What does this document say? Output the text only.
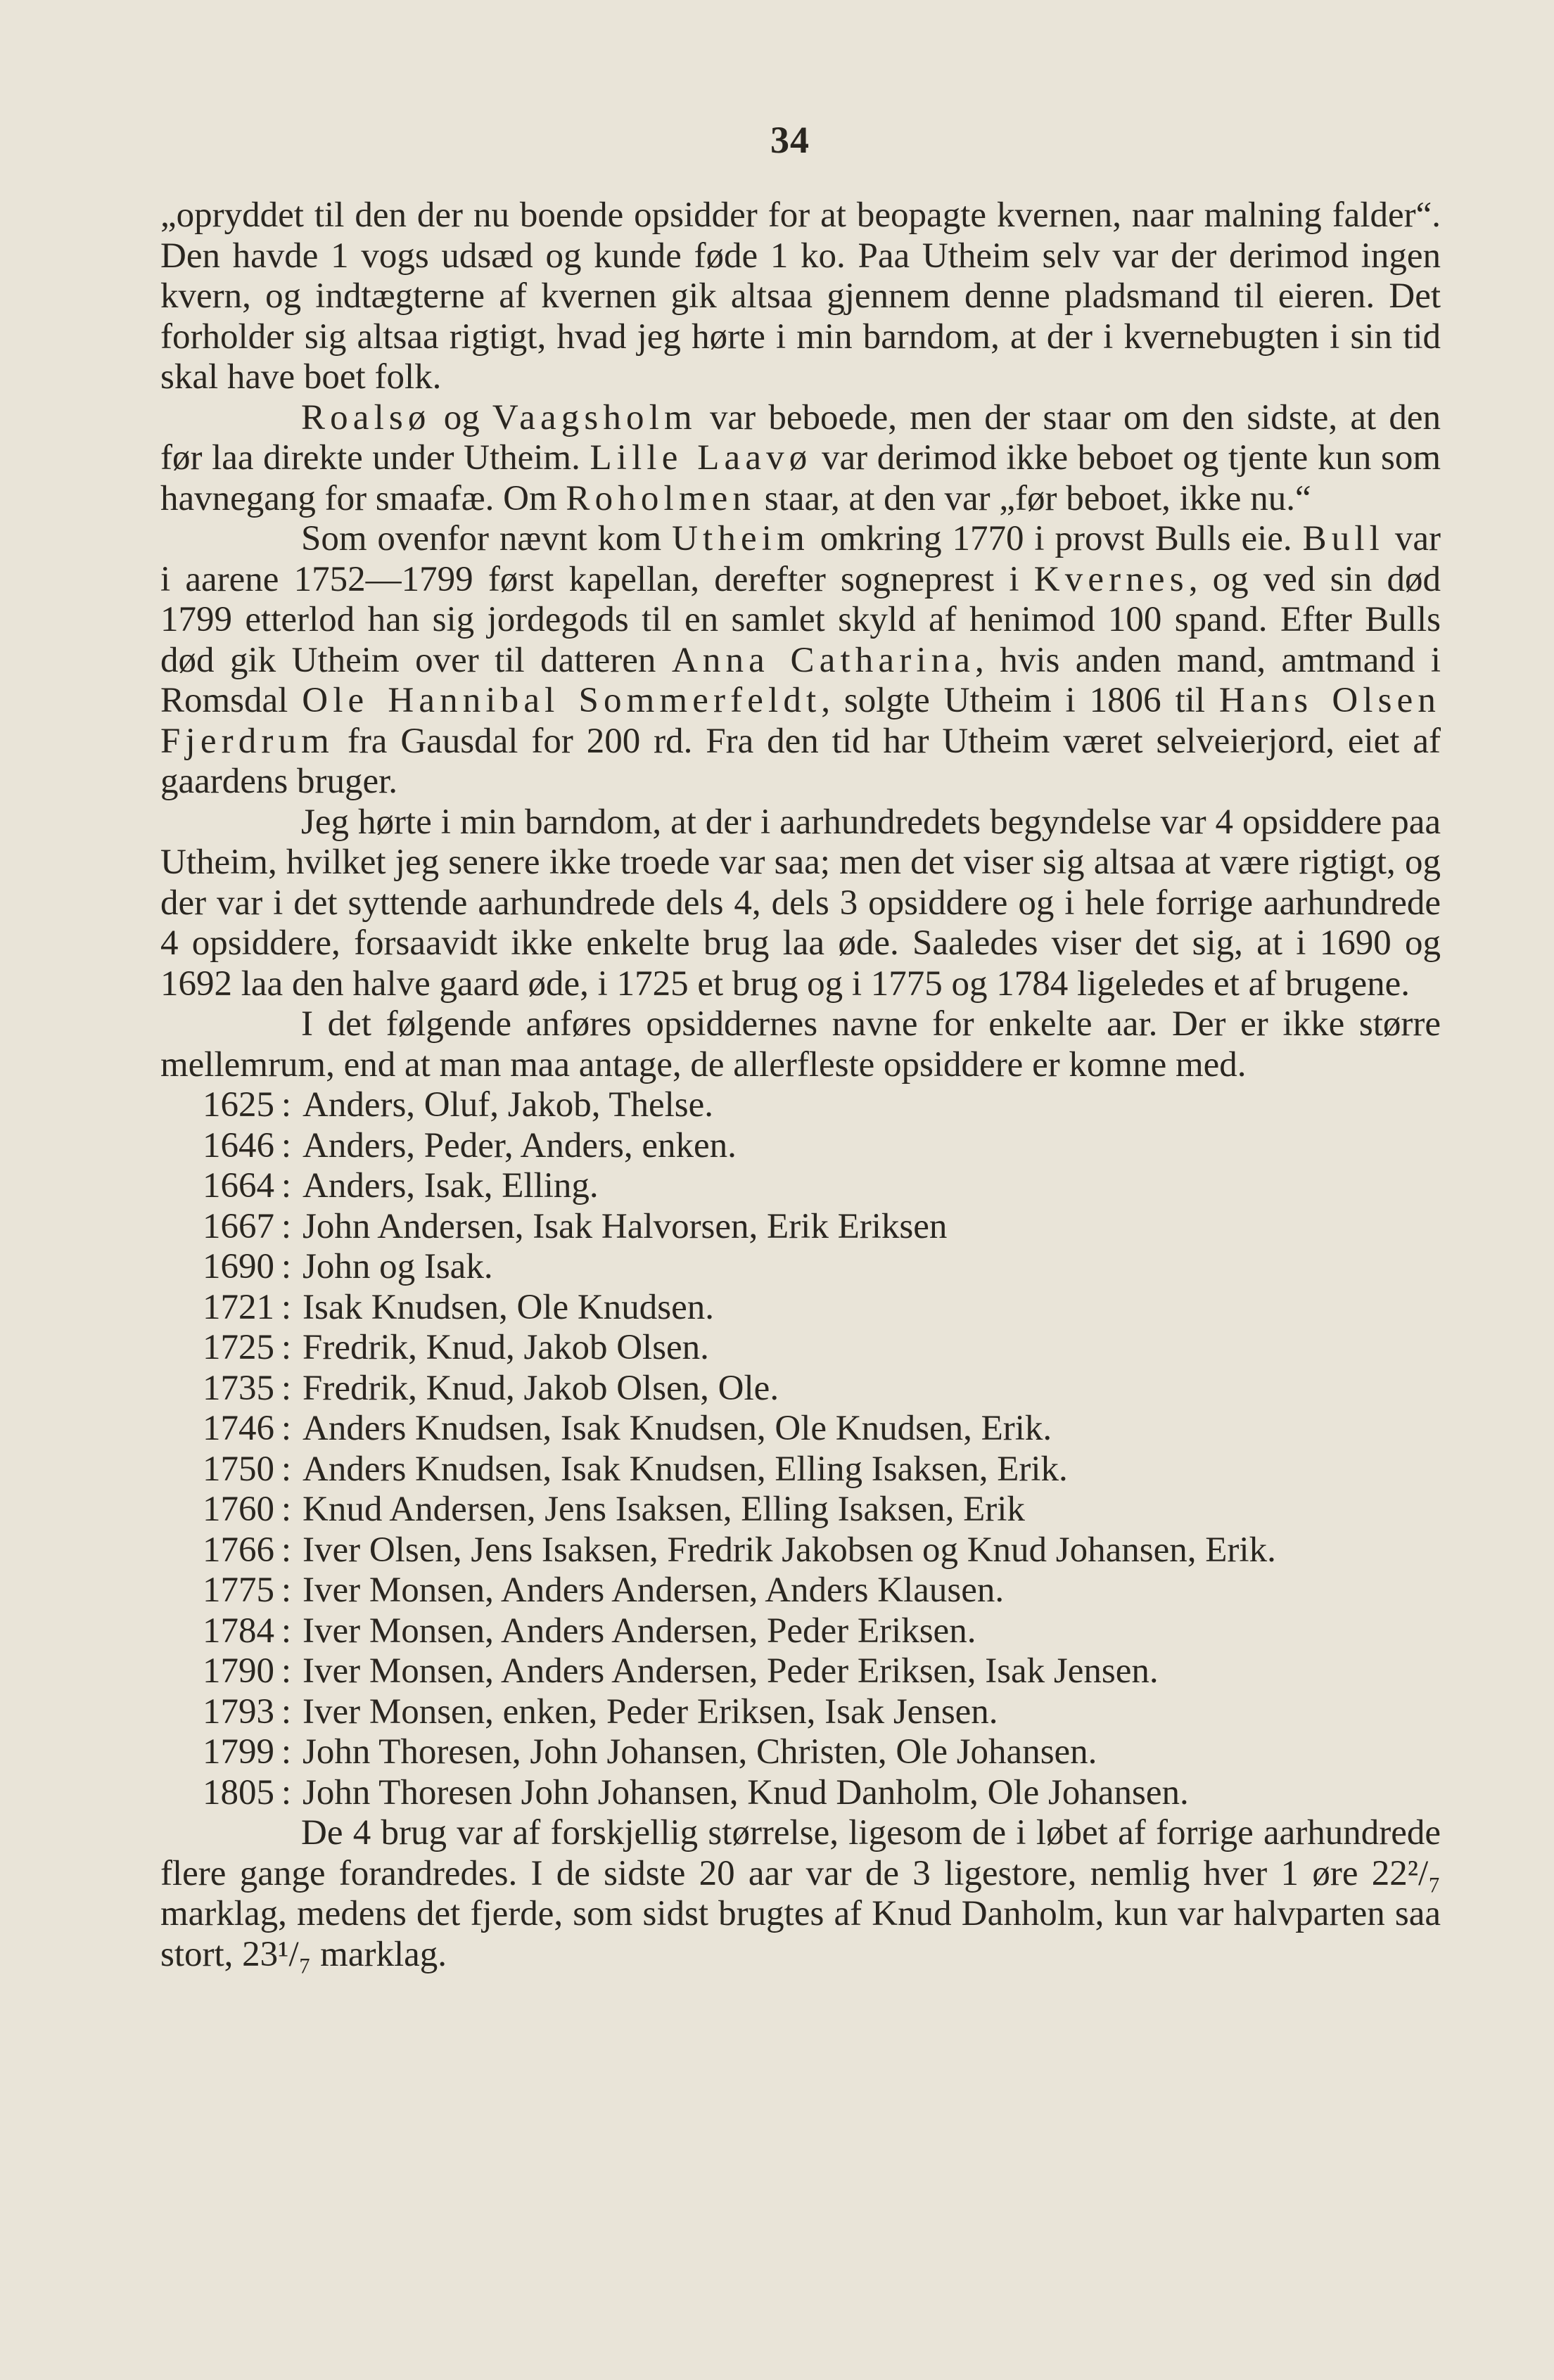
34

„opryddet til den der nu boende opsidder for at beopagte kvernen, naar malning falder“. Den havde 1 vogs udsæd og kunde føde 1 ko. Paa Utheim selv var der derimod ingen kvern, og indtægterne af kvernen gik altsaa gjennem denne pladsmand til eieren. Det forholder sig altsaa rigtigt, hvad jeg hørte i min barndom, at der i kvernebugten i sin tid skal have boet folk.

Roalsø og Vaagsholm var beboede, men der staar om den sidste, at den før laa direkte under Utheim. Lille Laavø var derimod ikke beboet og tjente kun som havnegang for smaafæ. Om Roholmen staar, at den var „før beboet, ikke nu.“

Som ovenfor nævnt kom Utheim omkring 1770 i provst Bulls eie. Bull var i aarene 1752—1799 først kapellan, derefter sogneprest i Kvernes, og ved sin død 1799 etterlod han sig jordegods til en samlet skyld af henimod 100 spand. Efter Bulls død gik Utheim over til datteren Anna Catharina, hvis anden mand, amtmand i Romsdal Ole Hannibal Sommerfeldt, solgte Utheim i 1806 til Hans Olsen Fjerdrum fra Gausdal for 200 rd. Fra den tid har Utheim været selveierjord, eiet af gaardens bruger.

Jeg hørte i min barndom, at der i aarhundredets begyndelse var 4 opsiddere paa Utheim, hvilket jeg senere ikke troede var saa; men det viser sig altsaa at være rigtigt, og der var i det syttende aarhundrede dels 4, dels 3 opsiddere og i hele forrige aarhundrede 4 opsiddere, forsaavidt ikke enkelte brug laa øde. Saaledes viser det sig, at i 1690 og 1692 laa den halve gaard øde, i 1725 et brug og i 1775 og 1784 ligeledes et af brugene.

I det følgende anføres opsiddernes navne for enkelte aar. Der er ikke større mellemrum, end at man maa antage, de allerfleste opsiddere er komne med.

1625 : Anders, Oluf, Jakob, Thelse.
1646 : Anders, Peder, Anders, enken.
1664 : Anders, Isak, Elling.
1667 : John Andersen, Isak Halvorsen, Erik Eriksen
1690 : John og Isak.
1721 : Isak Knudsen, Ole Knudsen.
1725 : Fredrik, Knud, Jakob Olsen.
1735 : Fredrik, Knud, Jakob Olsen, Ole.
1746 : Anders Knudsen, Isak Knudsen, Ole Knudsen, Erik.
1750 : Anders Knudsen, Isak Knudsen, Elling Isaksen, Erik.
1760 : Knud Andersen, Jens Isaksen, Elling Isaksen, Erik
1766 : Iver Olsen, Jens Isaksen, Fredrik Jakobsen og Knud Johansen, Erik.
1775 : Iver Monsen, Anders Andersen, Anders Klausen.
1784 : Iver Monsen, Anders Andersen, Peder Eriksen.
1790 : Iver Monsen, Anders Andersen, Peder Eriksen, Isak Jensen.
1793 : Iver Monsen, enken, Peder Eriksen, Isak Jensen.
1799 : John Thoresen, John Johansen, Christen, Ole Johansen.
1805 : John Thoresen John Johansen, Knud Danholm, Ole Johansen.

De 4 brug var af forskjellig størrelse, ligesom de i løbet af forrige aarhundrede flere gange forandredes. I de sidste 20 aar var de 3 ligestore, nemlig hver 1 øre 22²/₇ marklag, medens det fjerde, som sidst brugtes af Knud Danholm, kun var halvparten saa stort, 23¹/₇ marklag.
